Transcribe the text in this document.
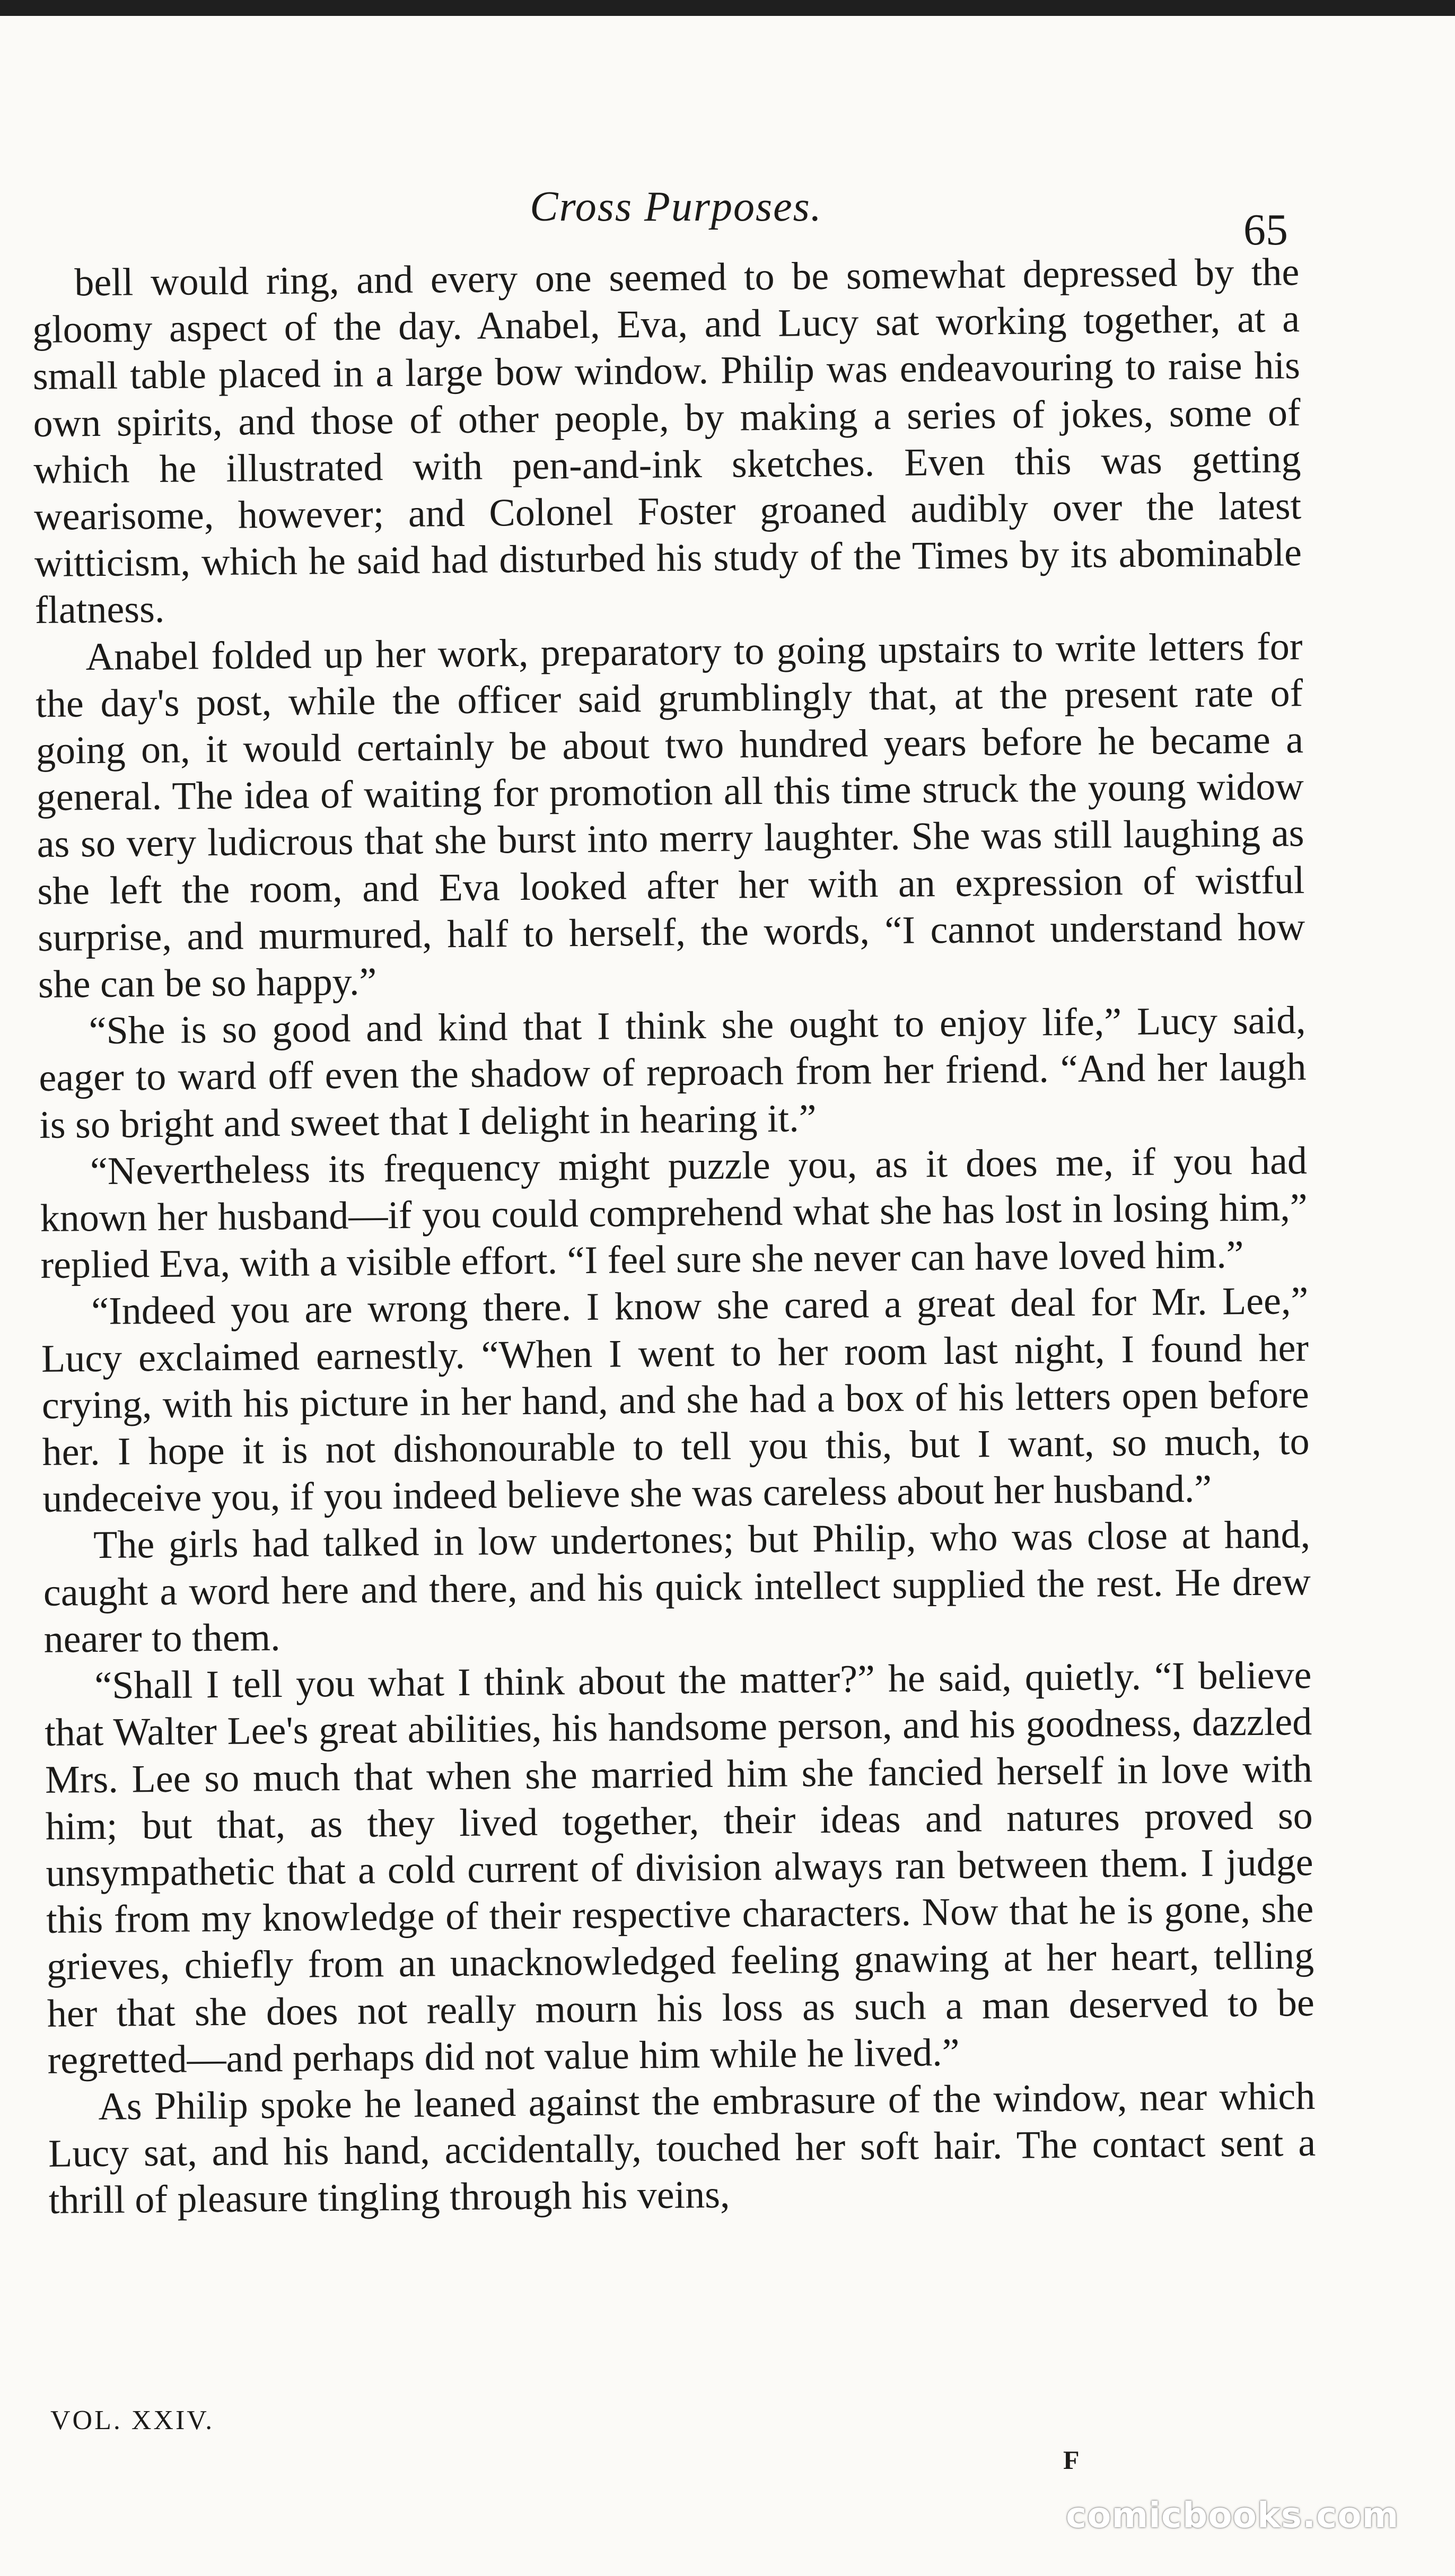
Cross Purposes.	65

bell would ring, and every one seemed to be somewhat depressed by the gloomy aspect of the day. Anabel, Eva, and Lucy sat working together, at a small table placed in a large bow window. Philip was endeavouring to raise his own spirits, and those of other people, by making a series of jokes, some of which he illustrated with pen-and-ink sketches. Even this was getting wearisome, however; and Colonel Foster groaned audibly over the latest witticism, which he said had disturbed his study of the Times by its abominable flatness.

Anabel folded up her work, preparatory to going upstairs to write letters for the day's post, while the officer said grumblingly that, at the present rate of going on, it would certainly be about two hundred years before he became a general. The idea of waiting for promotion all this time struck the young widow as so very ludicrous that she burst into merry laughter. She was still laughing as she left the room, and Eva looked after her with an expression of wistful surprise, and murmured, half to herself, the words, “I cannot understand how she can be so happy.”

“She is so good and kind that I think she ought to enjoy life,” Lucy said, eager to ward off even the shadow of reproach from her friend. “And her laugh is so bright and sweet that I delight in hearing it.”

“Nevertheless its frequency might puzzle you, as it does me, if you had known her husband—if you could comprehend what she has lost in losing him,” replied Eva, with a visible effort. “I feel sure she never can have loved him.”

“Indeed you are wrong there. I know she cared a great deal for Mr. Lee,” Lucy exclaimed earnestly. “When I went to her room last night, I found her crying, with his picture in her hand, and she had a box of his letters open before her. I hope it is not dishonourable to tell you this, but I want, so much, to undeceive you, if you indeed believe she was careless about her husband.”

The girls had talked in low undertones; but Philip, who was close at hand, caught a word here and there, and his quick intellect supplied the rest. He drew nearer to them.

“Shall I tell you what I think about the matter?” he said, quietly. “I believe that Walter Lee's great abilities, his handsome person, and his goodness, dazzled Mrs. Lee so much that when she married him she fancied herself in love with him; but that, as they lived together, their ideas and natures proved so unsympathetic that a cold current of division always ran between them. I judge this from my knowledge of their respective characters. Now that he is gone, she grieves, chiefly from an unacknowledged feeling gnawing at her heart, telling her that she does not really mourn his loss as such a man deserved to be regretted—and perhaps did not value him while he lived.”

As Philip spoke he leaned against the embrasure of the window, near which Lucy sat, and his hand, accidentally, touched her soft hair. The contact sent a thrill of pleasure tingling through his veins,

VOL. XXIV.
F
comicbooks.com
